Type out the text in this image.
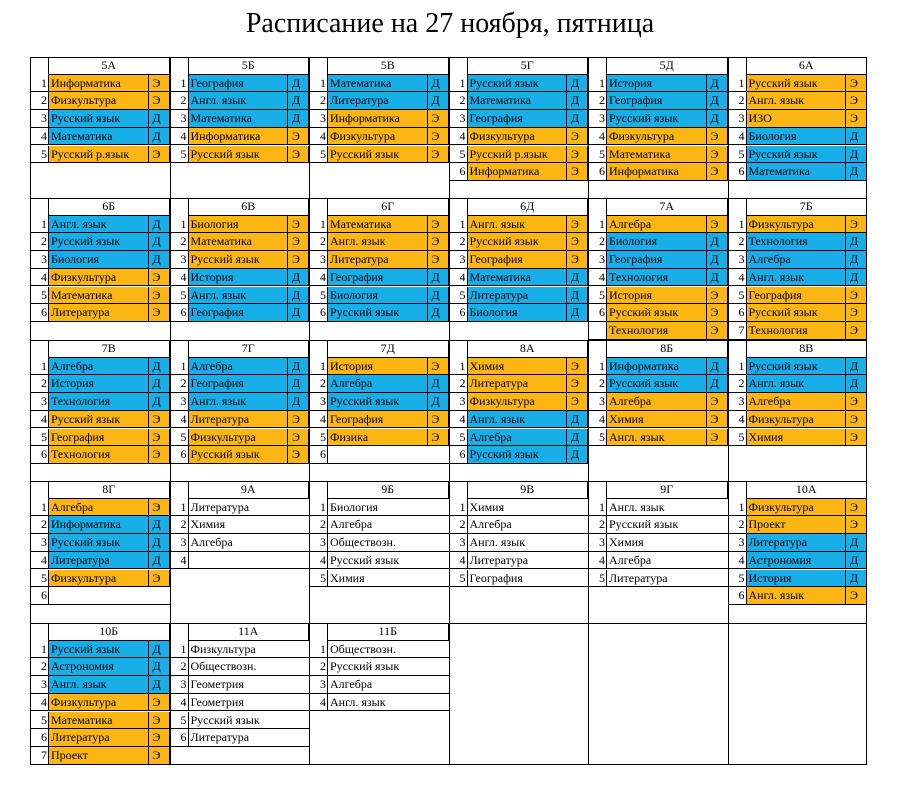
Расписание на 27 ноября, пятница
5А
1 Информатика	Э
2 Физкультура	Э
3 Русский язык	Д
4 Математика	Д
5 Русский р.язык	Э
5Б
1 География	Д
2 Англ. язык	Д
3 Математика	Д
4 Информатика	Э
5 Русский язык	Э
5В
1 Математика	Д
2 Литература	Д
3 Информатика	Э
4 Физкультура	Э
5 Русский язык	Э
5Г
1 Русский язык	Д
2 Математика	Д
3 География	Д
4 Физкультура	Э
5 Русский р.язык	Э
6 Информатика	Э
5Д
1 История	Д
2 География	Д
3 Русский язык	Д
4 Физкультура	Э
5 Математика	Э
6 Информатика	Э
6А
1 Русский язык	Э
2 Англ. язык	Э
3 ИЗО	Э
4 Биология	Д
5 Русский язык	Д
6 Математика	Д
6Б
1 Англ. язык	Д
2 Русский язык	Д
3 Биология	Д
4 Физкультура	Э
5 Математика	Э
6 Литература	Э
6В
1 Биология	Э
2 Математика	Э
3 Русский язык	Э
4 История	Д
5 Англ. язык	Д
6 География	Д
6Г
1 Математика	Э
2 Англ. язык	Э
3 Литература	Э
4 География	Д
5 Биология	Д
6 Русский язык	Д
6Д
1 Англ. язык	Э
2 Русский язык	Э
3 География	Э
4 Математика	Д
5 Литература	Д
6 Биология	Д
7А
1 Алгебра	Э
2 Биология	Д
3 География	Д
4 Технология	Д
5 История	Э
6 Русский язык	Э
Технология	Э
7Б
1 Физкультура	Э
2 Технология	Д
3 Алгебра	Д
4 Англ. язык	Д
5 География	Э
6 Русский язык	Э
7 Технология	Э
7В
1 Алгебра	Д
2 История	Д
3 Технология	Д
4 Русский язык	Э
5 География	Э
6 Технология	Э
7Г
1 Алгебра	Д
2 География	Д
3 Англ. язык	Д
4 Литература	Э
5 Физкультура	Э
6 Русский язык	Э
7Д
1 История	Э
2 Алгебра	Д
3 Русский язык	Д
4 География	Э
5 Физика	Э
6
8А
1 Химия	Э
2 Литература	Э
3 Физкультура	Э
4 Англ. язык	Д
5 Алгебра	Д
6 Русский язык	Д
8Б
1 Информатика	Д
2 Русский язык	Д
3 Алгебра	Э
4 Химия	Э
5 Англ. язык	Э
8В
1 Русский язык	Д
2 Англ. язык	Д
3 Алгебра	Э
4 Физкультура	Э
5 Химия	Э
8Г
1 Алгебра	Э
2 Информатика	Д
3 Русский язык	Д
4 Литература	Д
5 Физкультура	Э
6
9А
1 Литература
2 Химия
3 Алгебра
4
9Б
1 Биология
2 Алгебра
3 Обществозн.
4 Русский язык
5 Химия
9В
1 Химия
2 Алгебра
3 Англ. язык
4 Литература
5 География
9Г
1 Англ. язык
2 Русский язык
3 Химия
4 Алгебра
5 Литература
10А
1 Физкультура	Э
2 Проект	Э
3 Литература	Д
4 Астрономия	Д
5 История	Д
6 Англ. язык	Э
10Б
1 Русский язык	Д
2 Астрономия	Д
3 Англ. язык	Д
4 Физкультура	Э
5 Математика	Э
6 Литература	Э
7 Проект	Э
11А
1 Физкультура
2 Обществозн.
3 Геометрия
4 Геометрия
5 Русский язык
6 Литература
11Б
1 Обществозн.
2 Русский язык
3 Алгебра
4 Англ. язык
